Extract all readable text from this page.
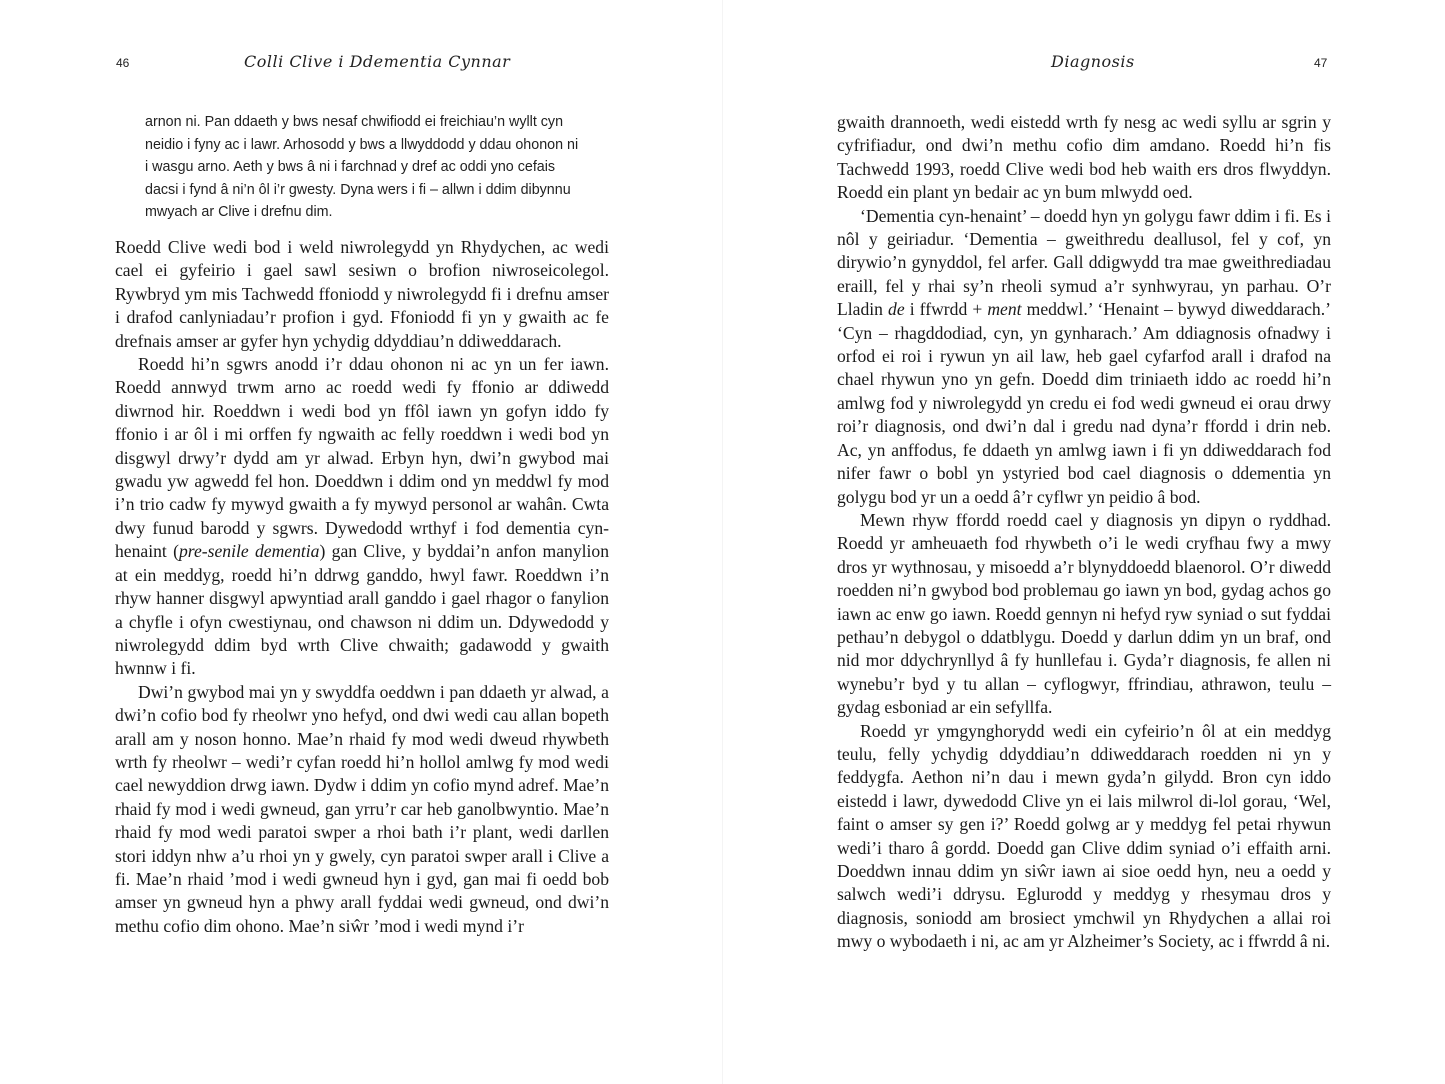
46	Colli Clive i Ddementia Cynnar

arnon ni. Pan ddaeth y bws nesaf chwifiodd ei freichiau’n wyllt cyn neidio i fyny ac i lawr. Arhosodd y bws a llwyddodd y ddau ohonon ni i wasgu arno. Aeth y bws â ni i farchnad y dref ac oddi yno cefais dacsi i fynd â ni’n ôl i’r gwesty. Dyna wers i fi – allwn i ddim dibynnu mwyach ar Clive i drefnu dim.

Roedd Clive wedi bod i weld niwrolegydd yn Rhydychen, ac wedi cael ei gyfeirio i gael sawl sesiwn o brofion niwroseicolegol. Rywbryd ym mis Tachwedd ffoniodd y niwrolegydd fi i drefnu amser i drafod canlyniadau’r profion i gyd. Ffoniodd fi yn y gwaith ac fe drefnais amser ar gyfer hyn ychydig ddyddiau’n ddiweddarach.

Roedd hi’n sgwrs anodd i’r ddau ohonon ni ac yn un fer iawn. Roedd annwyd trwm arno ac roedd wedi fy ffonio ar ddiwedd diwrnod hir. Roeddwn i wedi bod yn ffôl iawn yn gofyn iddo fy ffonio i ar ôl i mi orffen fy ngwaith ac felly roeddwn i wedi bod yn disgwyl drwy’r dydd am yr alwad. Erbyn hyn, dwi’n gwybod mai gwadu yw agwedd fel hon. Doeddwn i ddim ond yn meddwl fy mod i’n trio cadw fy mywyd gwaith a fy mywyd personol ar wahân. Cwta dwy funud barodd y sgwrs. Dywedodd wrthyf i fod dementia cyn-henaint (pre-senile dementia) gan Clive, y byddai’n anfon manylion at ein meddyg, roedd hi’n ddrwg ganddo, hwyl fawr. Roeddwn i’n rhyw hanner disgwyl apwyntiad arall ganddo i gael rhagor o fanylion a chyfle i ofyn cwestiynau, ond chawson ni ddim un. Ddywedodd y niwrolegydd ddim byd wrth Clive chwaith; gadawodd y gwaith hwnnw i fi.

Dwi’n gwybod mai yn y swyddfa oeddwn i pan ddaeth yr alwad, a dwi’n cofio bod fy rheolwr yno hefyd, ond dwi wedi cau allan bopeth arall am y noson honno. Mae’n rhaid fy mod wedi dweud rhywbeth wrth fy rheolwr – wedi’r cyfan roedd hi’n hollol amlwg fy mod wedi cael newyddion drwg iawn. Dydw i ddim yn cofio mynd adref. Mae’n rhaid fy mod i wedi gwneud, gan yrru’r car heb ganolbwyntio. Mae’n rhaid fy mod wedi paratoi swper a rhoi bath i’r plant, wedi darllen stori iddyn nhw a’u rhoi yn y gwely, cyn paratoi swper arall i Clive a fi. Mae’n rhaid ’mod i wedi gwneud hyn i gyd, gan mai fi oedd bob amser yn gwneud hyn a phwy arall fyddai wedi gwneud, ond dwi’n methu cofio dim ohono. Mae’n siŵr ’mod i wedi mynd i’r

Diagnosis	47

gwaith drannoeth, wedi eistedd wrth fy nesg ac wedi syllu ar sgrin y cyfrifiadur, ond dwi’n methu cofio dim amdano. Roedd hi’n fis Tachwedd 1993, roedd Clive wedi bod heb waith ers dros flwyddyn. Roedd ein plant yn bedair ac yn bum mlwydd oed.

‘Dementia cyn-henaint’ – doedd hyn yn golygu fawr ddim i fi. Es i nôl y geiriadur. ‘Dementia – gweithredu deallusol, fel y cof, yn dirywio’n gynyddol, fel arfer. Gall ddigwydd tra mae gweithrediadau eraill, fel y rhai sy’n rheoli symud a’r synhwyrau, yn parhau. O’r Lladin de i ffwrdd + ment meddwl.’ ‘Henaint – bywyd diweddarach.’ ‘Cyn – rhagddodiad, cyn, yn gynharach.’ Am ddiagnosis ofnadwy i orfod ei roi i rywun yn ail law, heb gael cyfarfod arall i drafod na chael rhywun yno yn gefn. Doedd dim triniaeth iddo ac roedd hi’n amlwg fod y niwrolegydd yn credu ei fod wedi gwneud ei orau drwy roi’r diagnosis, ond dwi’n dal i gredu nad dyna’r ffordd i drin neb. Ac, yn anffodus, fe ddaeth yn amlwg iawn i fi yn ddiweddarach fod nifer fawr o bobl yn ystyried bod cael diagnosis o ddementia yn golygu bod yr un a oedd â’r cyflwr yn peidio â bod.

Mewn rhyw ffordd roedd cael y diagnosis yn dipyn o ryddhad. Roedd yr amheuaeth fod rhywbeth o’i le wedi cryfhau fwy a mwy dros yr wythnosau, y misoedd a’r blynyddoedd blaenorol. O’r diwedd roedden ni’n gwybod bod problemau go iawn yn bod, gydag achos go iawn ac enw go iawn. Roedd gennyn ni hefyd ryw syniad o sut fyddai pethau’n debygol o ddatblygu. Doedd y darlun ddim yn un braf, ond nid mor ddychrynllyd â fy hunllefau i. Gyda’r diagnosis, fe allen ni wynebu’r byd y tu allan – cyflogwyr, ffrindiau, athrawon, teulu – gydag esboniad ar ein sefyllfa.

Roedd yr ymgynghorydd wedi ein cyfeirio’n ôl at ein meddyg teulu, felly ychydig ddyddiau’n ddiweddarach roedden ni yn y feddygfa. Aethon ni’n dau i mewn gyda’n gilydd. Bron cyn iddo eistedd i lawr, dywedodd Clive yn ei lais milwrol di-lol gorau, ‘Wel, faint o amser sy gen i?’ Roedd golwg ar y meddyg fel petai rhywun wedi’i tharo â gordd. Doedd gan Clive ddim syniad o’i effaith arni. Doeddwn innau ddim yn siŵr iawn ai sioe oedd hyn, neu a oedd y salwch wedi’i ddrysu. Eglurodd y meddyg y rhesymau dros y diagnosis, soniodd am brosiect ymchwil yn Rhydychen a allai roi mwy o wybodaeth i ni, ac am yr Alzheimer’s Society, ac i ffwrdd â ni.
